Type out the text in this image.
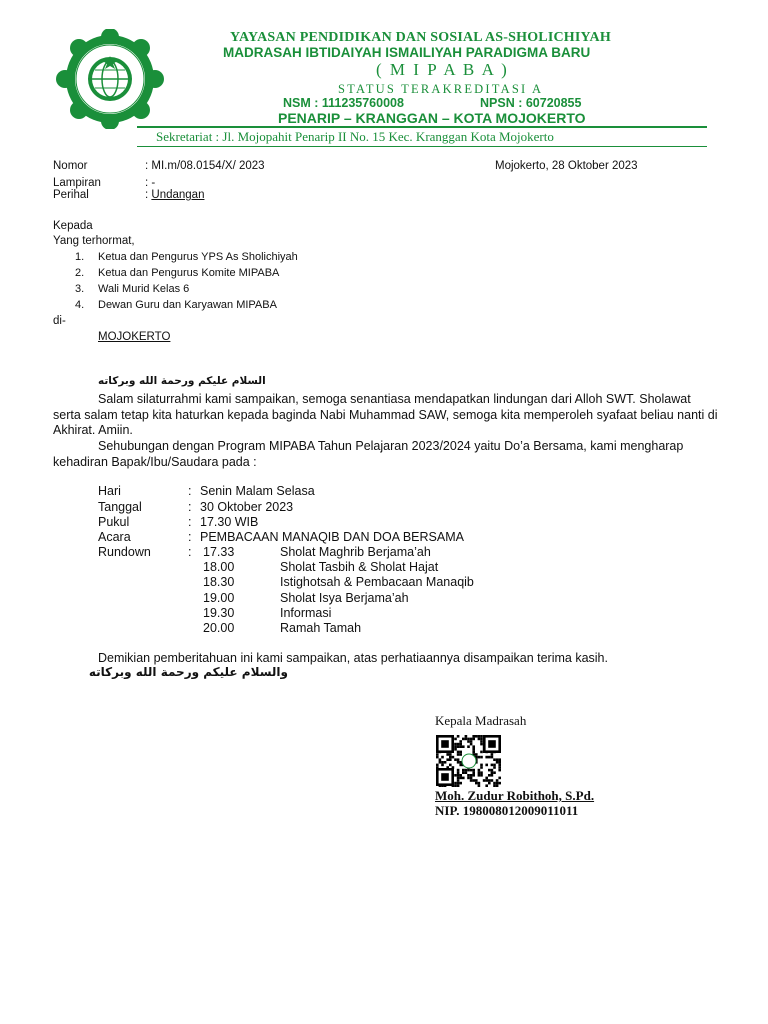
YAYASAN PENDIDIKAN DAN SOSIAL AS-SHOLICHIYAH
MADRASAH IBTIDAIYAH ISMAILIYAH PARADIGMA BARU
( M I P A B A )
STATUS TERAKREDITASI A
NSM : 111235760008	NPSN : 60720855
PENARIP – KRANGGAN – KOTA MOJOKERTO
Sekretariat : Jl. Mojopahit Penarip II No. 15 Kec. Kranggan Kota Mojokerto
Nomor	: MI.m/08.0154/X/ 2023	Mojokerto, 28 Oktober 2023
Lampiran	: -
Perihal	: Undangan
Kepada
Yang terhormat,
1. Ketua dan Pengurus YPS As Sholichiyah
2. Ketua dan Pengurus Komite MIPABA
3. Wali Murid Kelas 6
4. Dewan Guru dan Karyawan MIPABA
di-
MOJOKERTO
السلام عليكم ورحمة الله وبركاته
Salam silaturrahmi kami sampaikan, semoga senantiasa mendapatkan lindungan dari Alloh SWT. Sholawat
serta salam tetap kita haturkan kepada baginda Nabi Muhammad SAW, semoga kita memperoleh syafaat beliau nanti di
Akhirat. Amiin.
Sehubungan dengan Program MIPABA Tahun Pelajaran 2023/2024 yaitu Do’a Bersama, kami mengharap
kehadiran Bapak/Ibu/Saudara pada :
Hari	: Senin Malam Selasa
Tanggal	: 30 Oktober 2023
Pukul	: 17.30 WIB
Acara	: PEMBACAAN MANAQIB DAN DOA BERSAMA
Rundown	: 17.33	Sholat Maghrib Berjama’ah
18.00	Sholat Tasbih & Sholat Hajat
18.30	Istighotsah & Pembacaan Manaqib
19.00	Sholat Isya Berjama’ah
19.30	Informasi
20.00	Ramah Tamah
Demikian pemberitahuan ini kami sampaikan, atas perhatiaannya disampaikan terima kasih.
والسلام عليكم ورحمة الله وبركاته
Kepala Madrasah
Moh. Zudur Robithoh, S.Pd.
NIP. 198008012009011011
